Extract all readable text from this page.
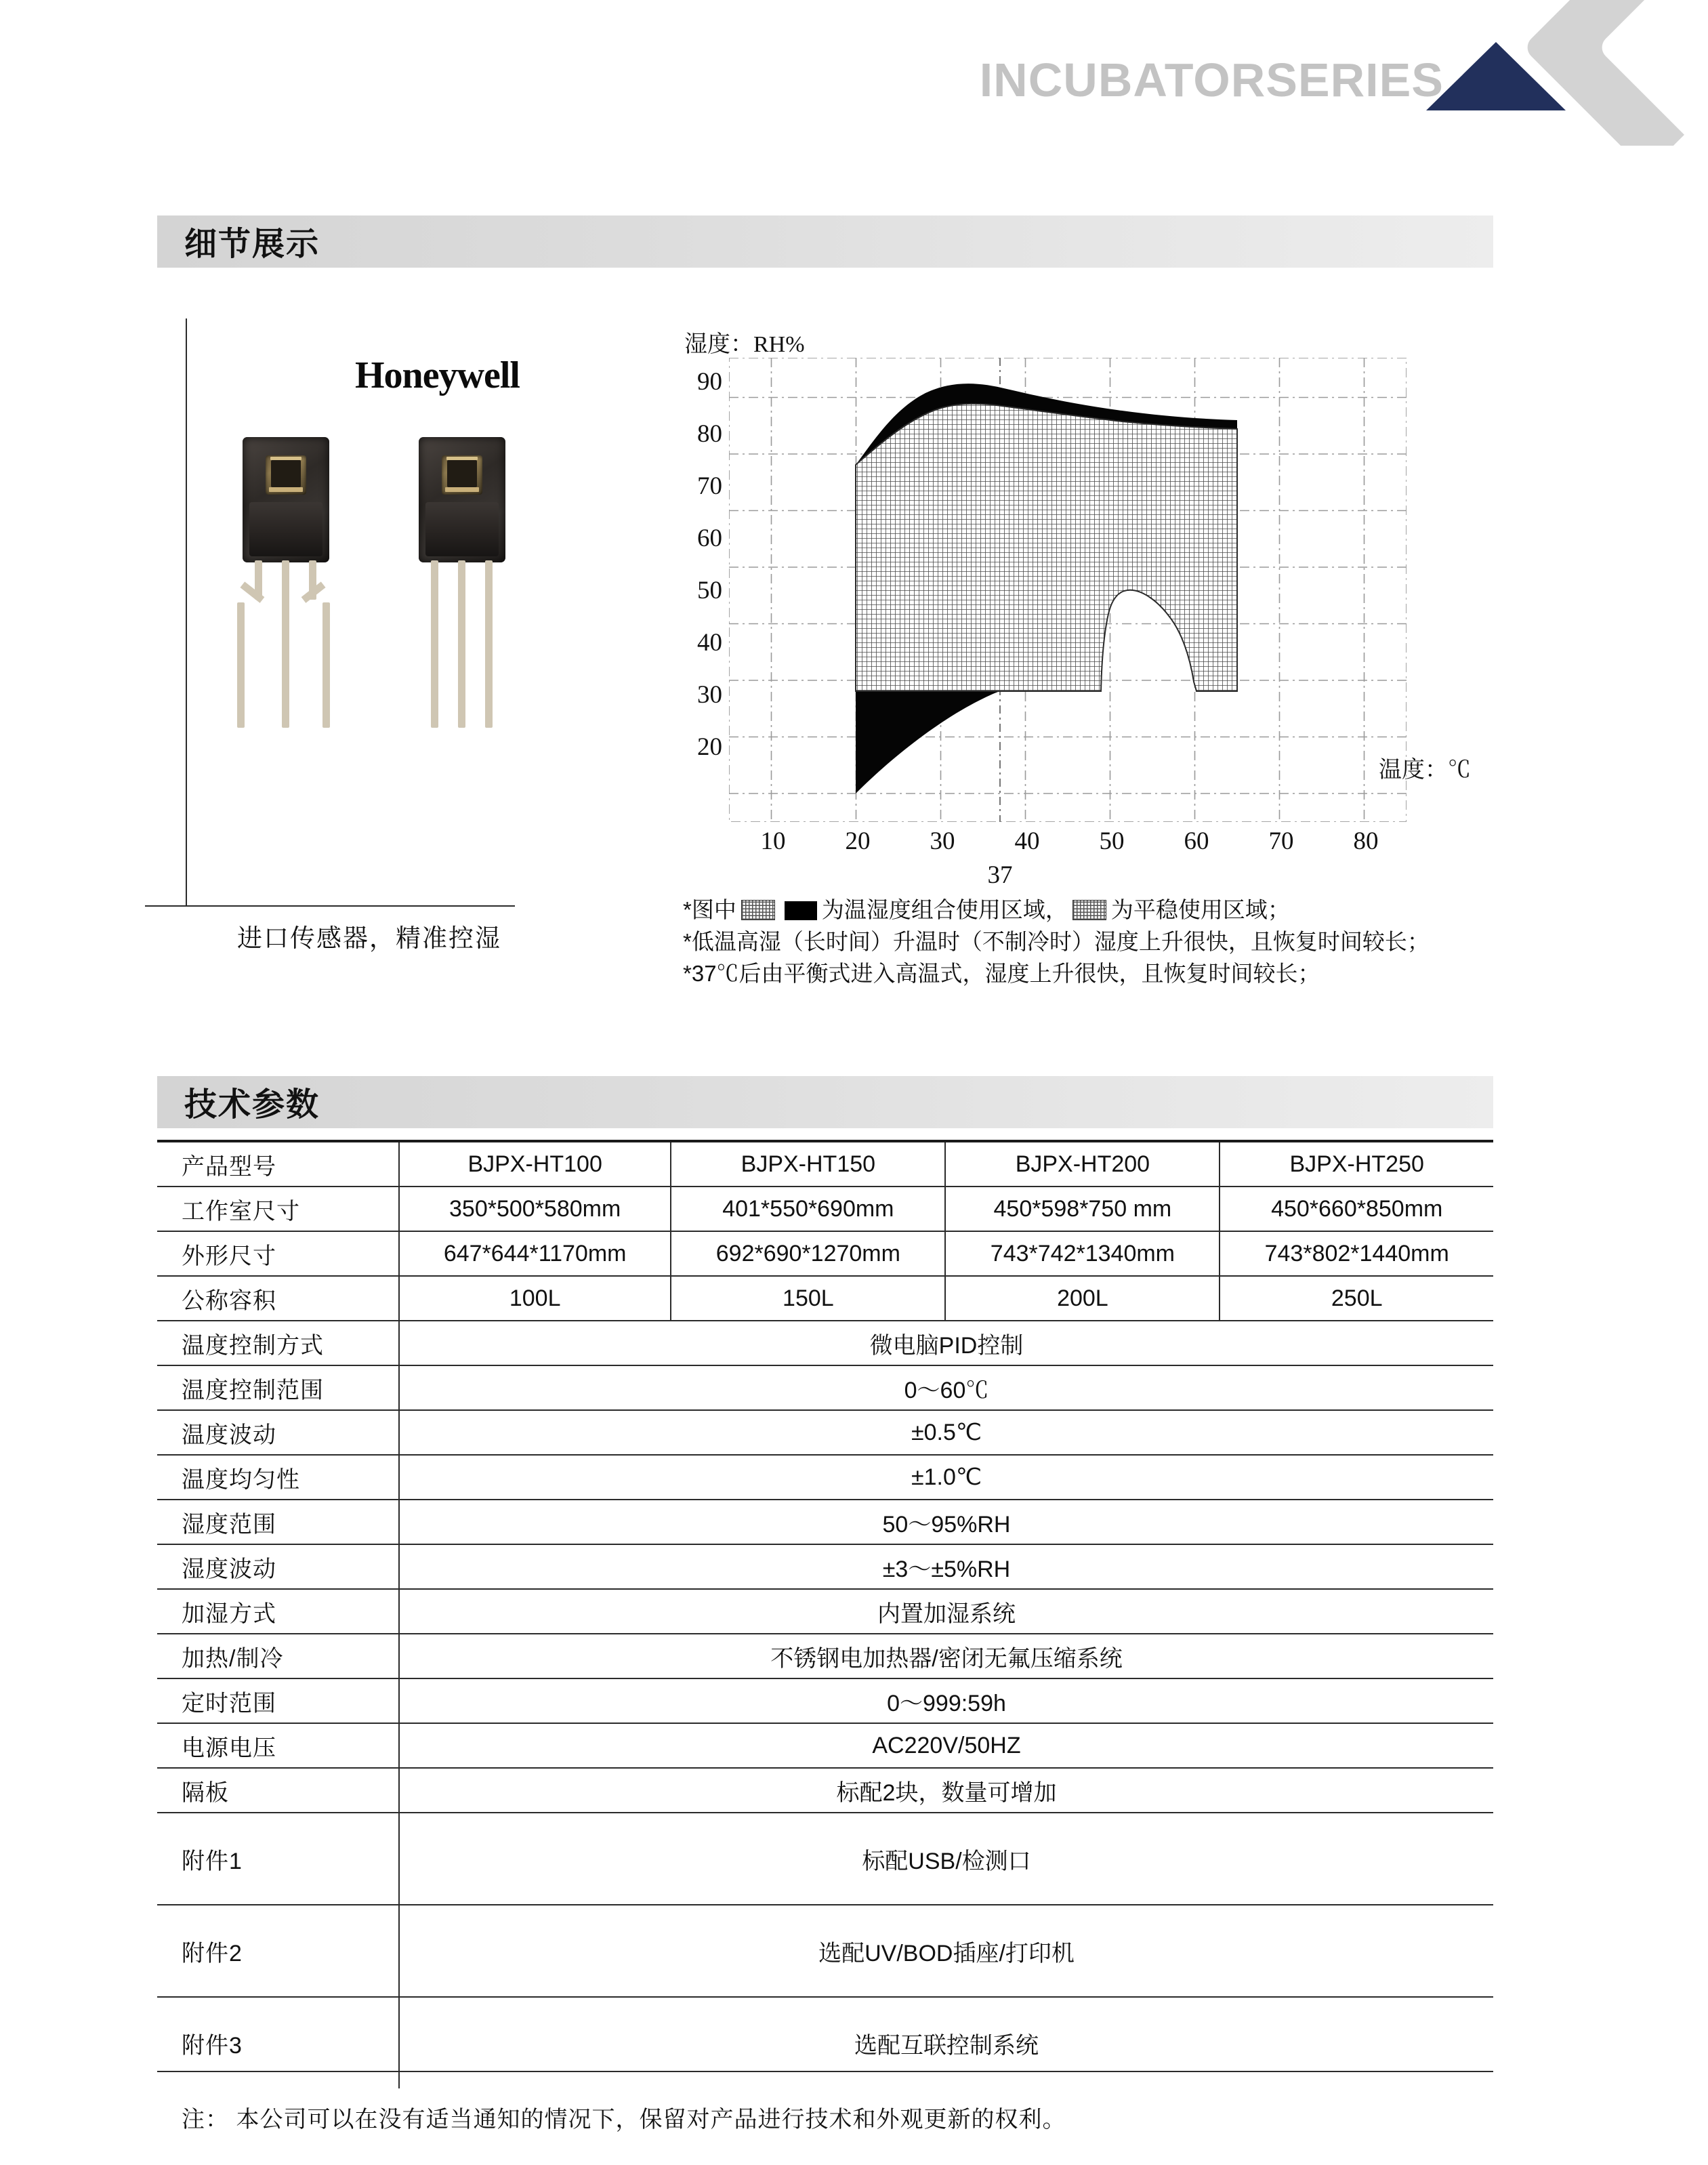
INCUBATORSERIES
细节展示
Honeywell
进口传感器，精准控湿
湿度：RH%
90
80
70
60
50
40
30
20
10	20	30	40	50	60	70	80
37
温度：℃
*图中	为温湿度组合使用区域， 为平稳使用区域；
*低温高湿（长时间）升温时（不制冷时）湿度上升很快，且恢复时间较长；
*37℃后由平衡式进入高温式，湿度上升很快，且恢复时间较长；
技术参数
产品型号	BJPX-HT100	BJPX-HT150	BJPX-HT200	BJPX-HT250
工作室尺寸	350*500*580mm	401*550*690mm	450*598*750 mm	450*660*850mm
外形尺寸	647*644*1170mm	692*690*1270mm	743*742*1340mm	743*802*1440mm
公称容积	100L	150L	200L	250L
温度控制方式	微电脑PID控制			
温度控制范围	0～60℃			
温度波动	±0.5℃			
温度均匀性	±1.0℃			
湿度范围	50～95%RH			
湿度波动	±3～±5%RH			
加湿方式	内置加湿系统			
加热/制冷	不锈钢电加热器/密闭无氟压缩系统			
定时范围	0～999:59h			
电源电压	AC220V/50HZ			
隔板	标配2块，数量可增加			
附件1	标配USB/检测口			
附件2	选配UV/BOD插座/打印机			
附件3	选配互联控制系统			
注： 本公司可以在没有适当通知的情况下，保留对产品进行技术和外观更新的权利。
